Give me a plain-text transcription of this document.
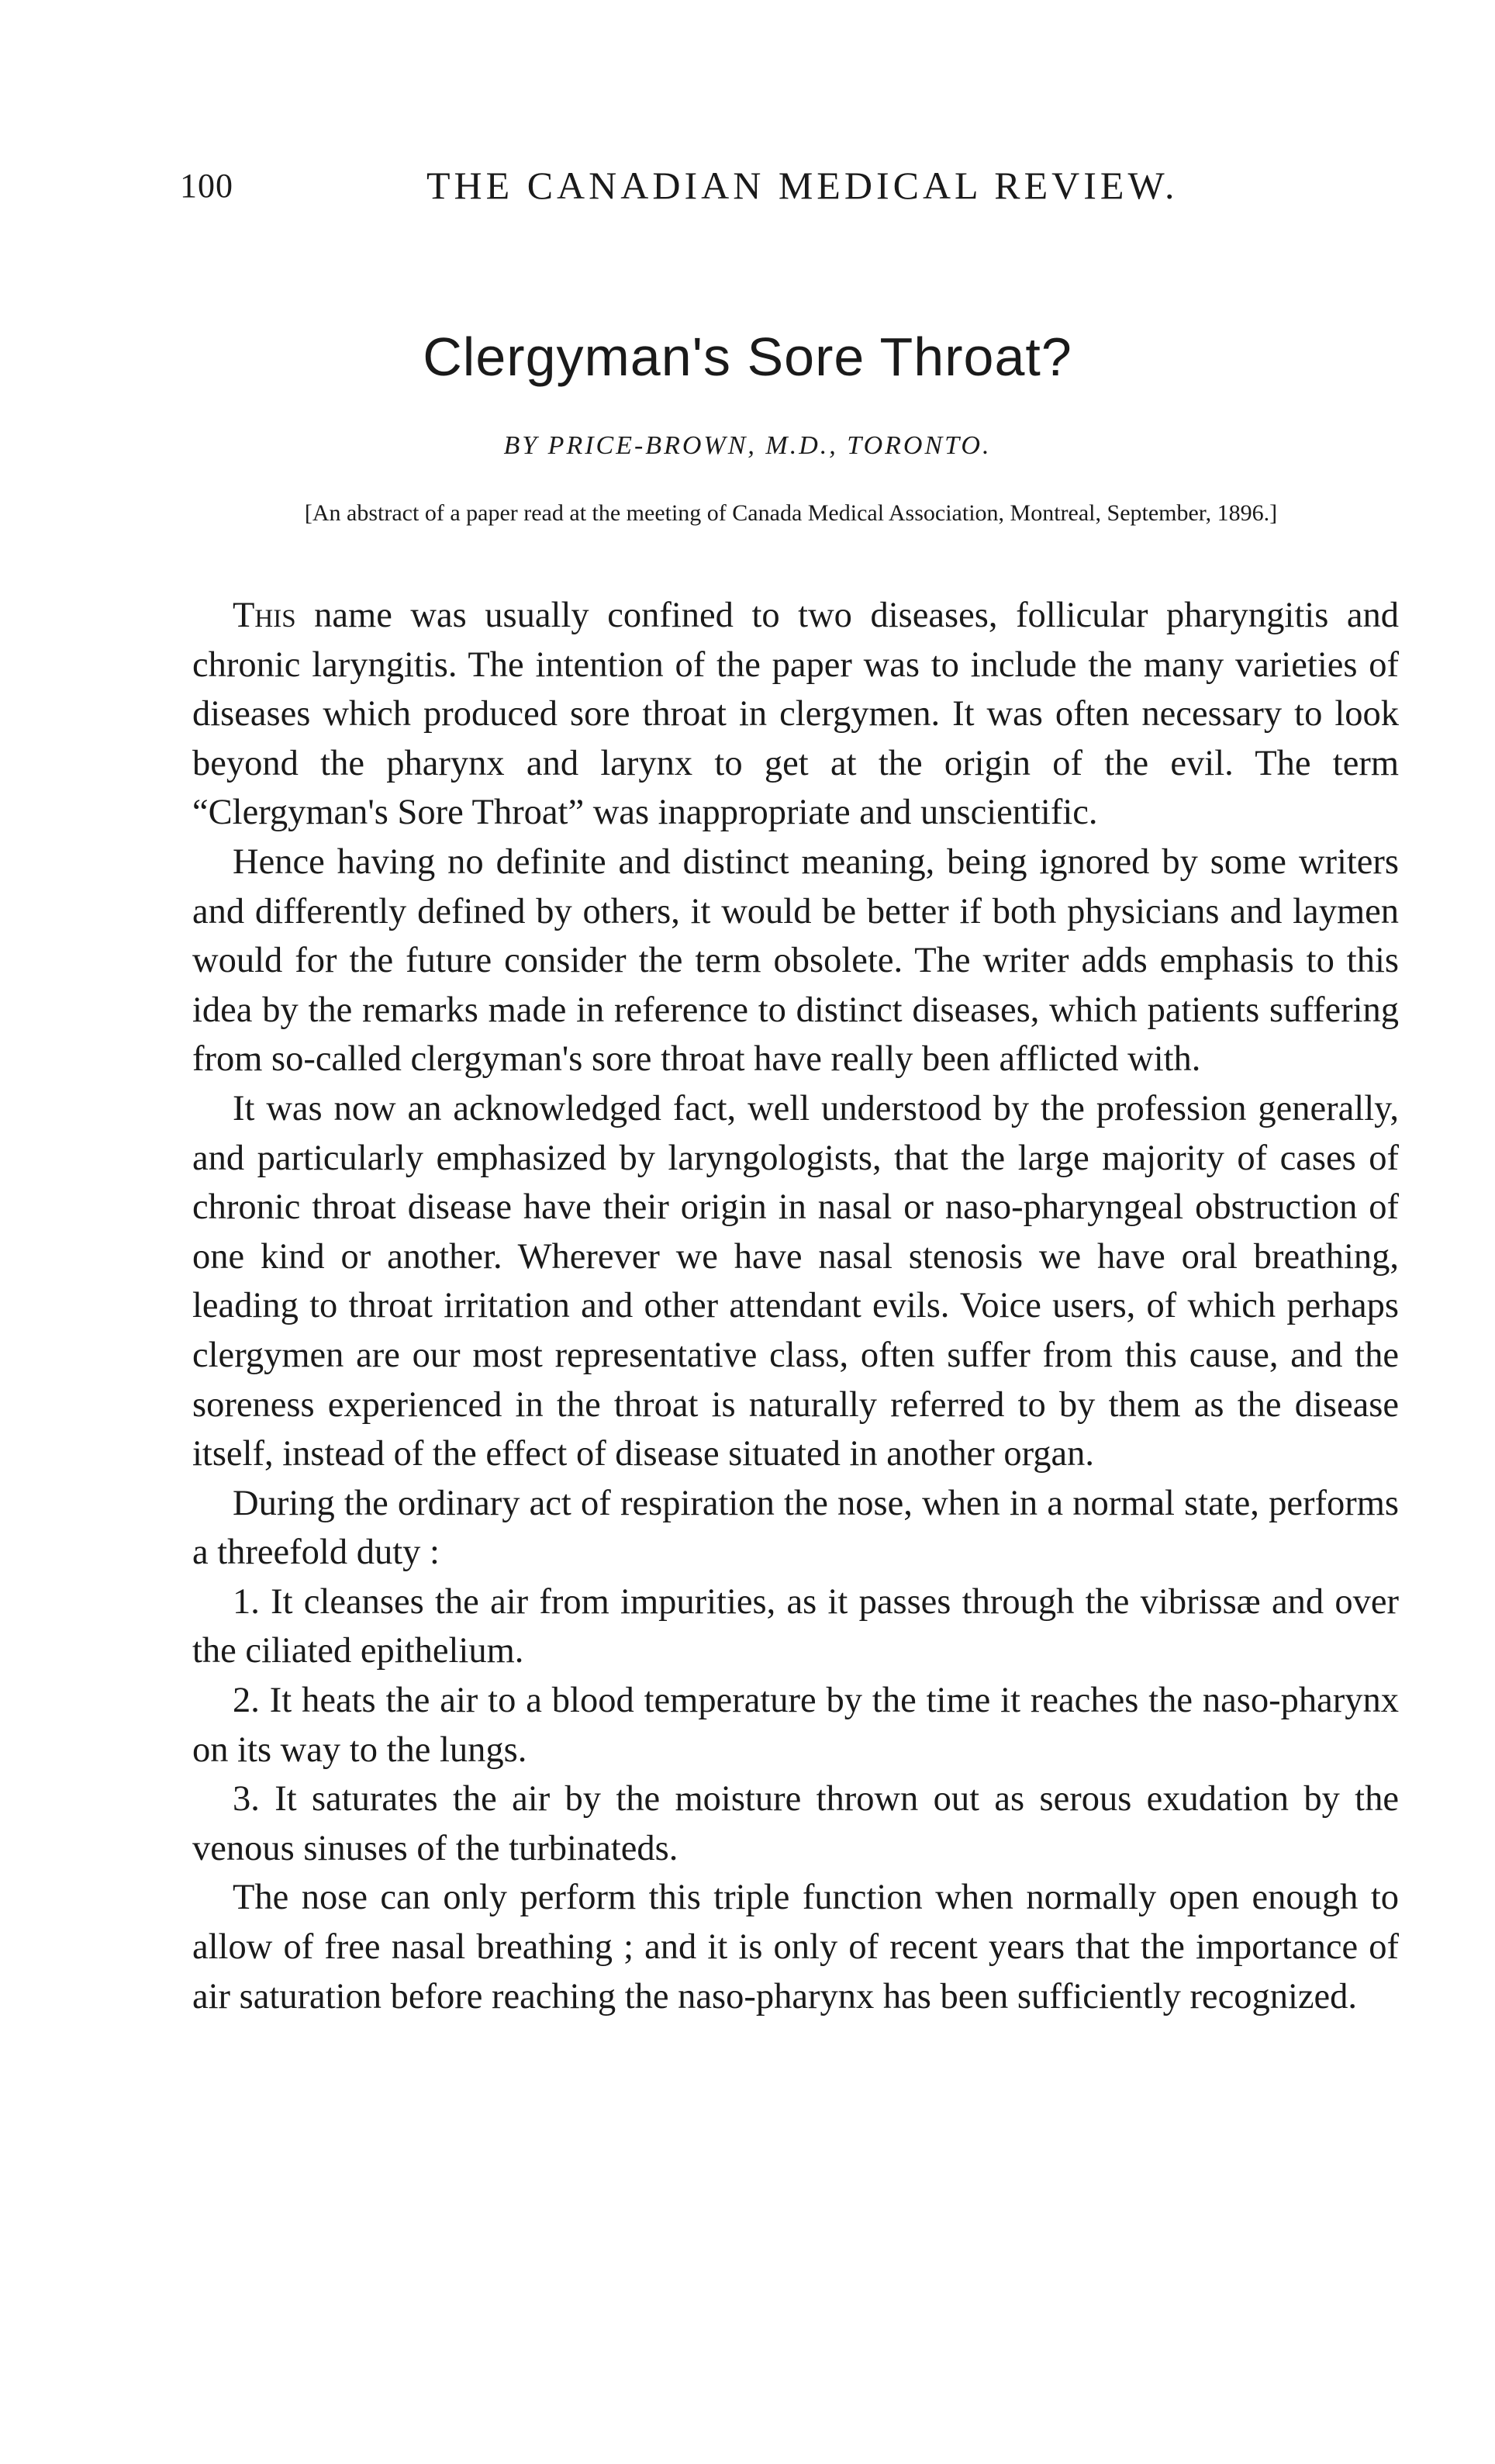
100	THE CANADIAN MEDICAL REVIEW.
Clergyman's Sore Throat?
BY PRICE-BROWN, M.D., TORONTO.
[An abstract of a paper read at the meeting of Canada Medical Association, Montreal, September, 1896.]

This name was usually confined to two diseases, follicular pharyngitis and chronic laryngitis. The intention of the paper was to include the many varieties of diseases which produced sore throat in clergymen. It was often necessary to look beyond the pharynx and larynx to get at the origin of the evil. The term “Clergyman's Sore Throat” was inappropriate and unscientific.

Hence having no definite and distinct meaning, being ignored by some writers and differently defined by others, it would be better if both physicians and laymen would for the future consider the term obsolete. The writer adds emphasis to this idea by the remarks made in reference to distinct diseases, which patients suffering from so-called clergyman's sore throat have really been afflicted with.

It was now an acknowledged fact, well understood by the profession generally, and particularly emphasized by laryngologists, that the large majority of cases of chronic throat disease have their origin in nasal or naso-pharyngeal obstruction of one kind or another. Wherever we have nasal stenosis we have oral breathing, leading to throat irritation and other attendant evils. Voice users, of which perhaps clergymen are our most representative class, often suffer from this cause, and the soreness experienced in the throat is naturally referred to by them as the disease itself, instead of the effect of disease situated in another organ.

During the ordinary act of respiration the nose, when in a normal state, performs a threefold duty :

1. It cleanses the air from impurities, as it passes through the vibrissæ and over the ciliated epithelium.

2. It heats the air to a blood temperature by the time it reaches the naso-pharynx on its way to the lungs.

3. It saturates the air by the moisture thrown out as serous exudation by the venous sinuses of the turbinateds.

The nose can only perform this triple function when normally open enough to allow of free nasal breathing ; and it is only of recent years that the importance of air saturation before reaching the naso-pharynx has been sufficiently recognized.
